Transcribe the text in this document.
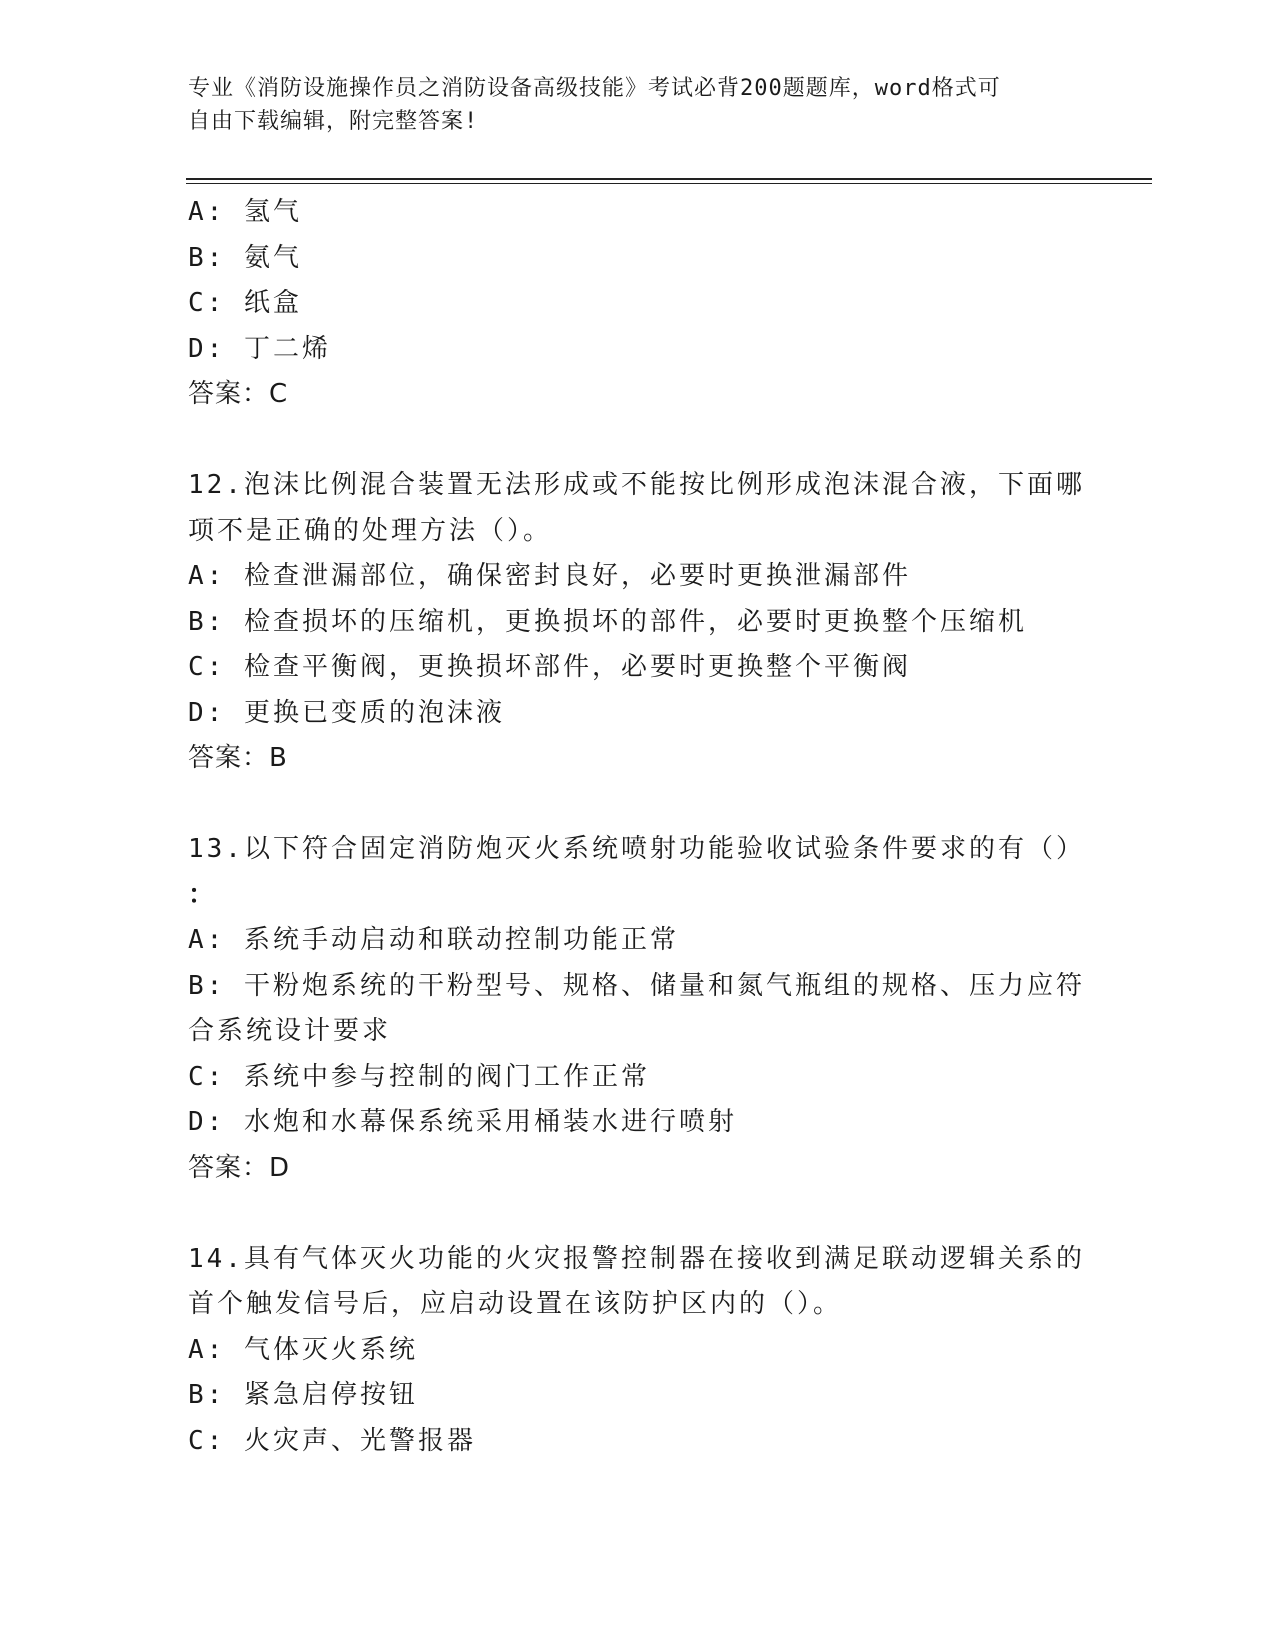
专业《消防设施操作员之消防设备高级技能》考试必背200题题库，word格式可
自由下载编辑，附完整答案!
A: 氢气
B: 氨气
C: 纸盒
D: 丁二烯
答案：C
12.泡沫比例混合装置无法形成或不能按比例形成泡沫混合液，下面哪
项不是正确的处理方法（）。
A: 检查泄漏部位，确保密封良好，必要时更换泄漏部件
B: 检查损坏的压缩机，更换损坏的部件，必要时更换整个压缩机
C: 检查平衡阀，更换损坏部件，必要时更换整个平衡阀
D: 更换已变质的泡沫液
答案：B
13.以下符合固定消防炮灭火系统喷射功能验收试验条件要求的有（）
：
A: 系统手动启动和联动控制功能正常
B: 干粉炮系统的干粉型号、规格、储量和氮气瓶组的规格、压力应符
合系统设计要求
C: 系统中参与控制的阀门工作正常
D: 水炮和水幕保系统采用桶装水进行喷射
答案：D
14.具有气体灭火功能的火灾报警控制器在接收到满足联动逻辑关系的
首个触发信号后，应启动设置在该防护区内的（）。
A: 气体灭火系统
B: 紧急启停按钮
C: 火灾声、光警报器
